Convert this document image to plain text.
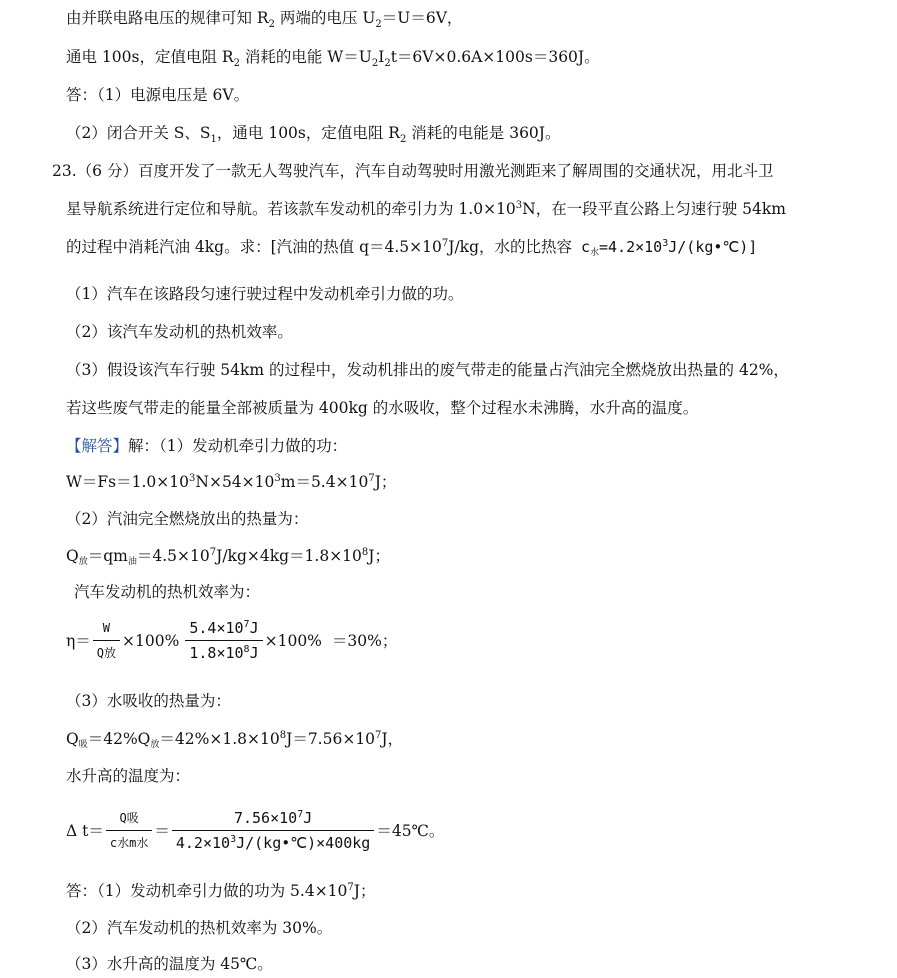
由并联电路电压的规律可知 $R_2$ 两端的电压 $U_2=U=6V$，
通电 100s，定值电阻 $R_2$ 消耗的电能 $W=U_2I_2t=6V\times 0.6A\times 100s=360J$。
答：（1）电源电压是 6V。
（2）闭合开关 S、$S_1$，通电 100s，定值电阻 $R_2$ 消耗的电能是 360J。
23.（6 分）百度开发了一款无人驾驶汽车，汽车自动驾驶时用激光测距来了解周围的交通状况，用北斗卫
星导航系统进行定位和导航。若该款车发动机的牵引力为 $1.0\times 10^3N$，在一段平直公路上匀速行驶 54km
的过程中消耗汽油 4kg。求：[汽油的热值 $q=4.5\times 10^7J/kg$，水的比热容 $c_水=4.2\times 10^3J/(kg•℃)$]
（1）汽车在该路段匀速行驶过程中发动机牵引力做的功。
（2）该汽车发动机的热机效率。
（3）假设该汽车行驶 54km 的过程中，发动机排出的废气带走的能量占汽油完全燃烧放出热量的 42%，
若这些废气带走的能量全部被质量为 400kg 的水吸收，整个过程水未沸腾，水升高的温度。
【解答】解：（1）发动机牵引力做的功：
$W=Fs=1.0\times 10^3N\times 54\times 10^3m=5.4\times 10^7J$；
（2）汽油完全燃烧放出的热量为：
Q放＝qm油$=4.5\times 10^7J/kg\times 4kg=1.8\times 10^8J$；
汽车发动机的热机效率为：
$\eta= \frac{W}{\text{Q放}} \times 100\% \frac{5.4\times 10^7J}{1.8\times 10^8J} \times 100\% =30\%$；
（3）水吸收的热量为：
Q吸＝42%Q放$=42\%\times 1.8\times 10^8J=7.56\times 10^7J$，
水升高的温度为：
Δ $t= \frac{\text{Q吸}}{\text{c水m水}} = \frac{7.56\times 10^7J}{4.2\times 10^3J/(kg•℃)\times 400kg}$ ＝45℃。
答：（1）发动机牵引力做的功为 $5.4\times 10^7J$；
（2）汽车发动机的热机效率为 30%。
（3）水升高的温度为 45℃。
